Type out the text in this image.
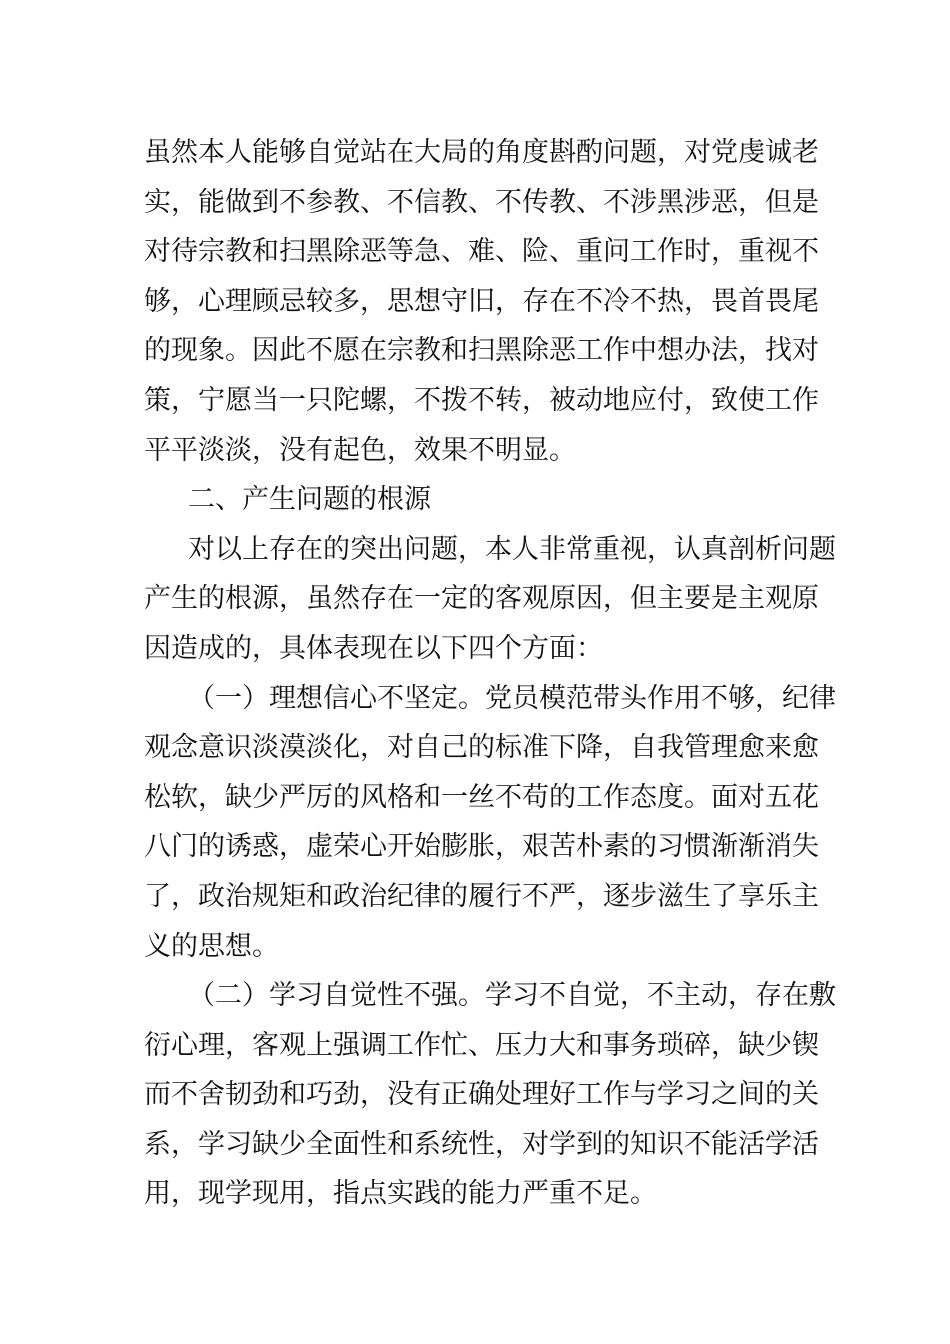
虽然本人能够自觉站在大局的角度斟酌问题，对党虔诚老
实，能做到不参教、不信教、不传教、不涉黑涉恶，但是
对待宗教和扫黑除恶等急、难、险、重问工作时，重视不
够，心理顾忌较多，思想守旧，存在不冷不热，畏首畏尾
的现象。因此不愿在宗教和扫黑除恶工作中想办法，找对
策，宁愿当一只陀螺，不拨不转，被动地应付，致使工作
平平淡淡，没有起色，效果不明显。
二、产生问题的根源
对以上存在的突出问题，本人非常重视，认真剖析问题
产生的根源，虽然存在一定的客观原因，但主要是主观原
因造成的，具体表现在以下四个方面：
（一）理想信心不坚定。党员模范带头作用不够，纪律
观念意识淡漠淡化，对自己的标准下降，自我管理愈来愈
松软，缺少严厉的风格和一丝不苟的工作态度。面对五花
八门的诱惑，虚荣心开始膨胀，艰苦朴素的习惯渐渐消失
了，政治规矩和政治纪律的履行不严，逐步滋生了享乐主
义的思想。
（二）学习自觉性不强。学习不自觉，不主动，存在敷
衍心理，客观上强调工作忙、压力大和事务琐碎，缺少锲
而不舍韧劲和巧劲，没有正确处理好工作与学习之间的关
系，学习缺少全面性和系统性，对学到的知识不能活学活
用，现学现用，指点实践的能力严重不足。
